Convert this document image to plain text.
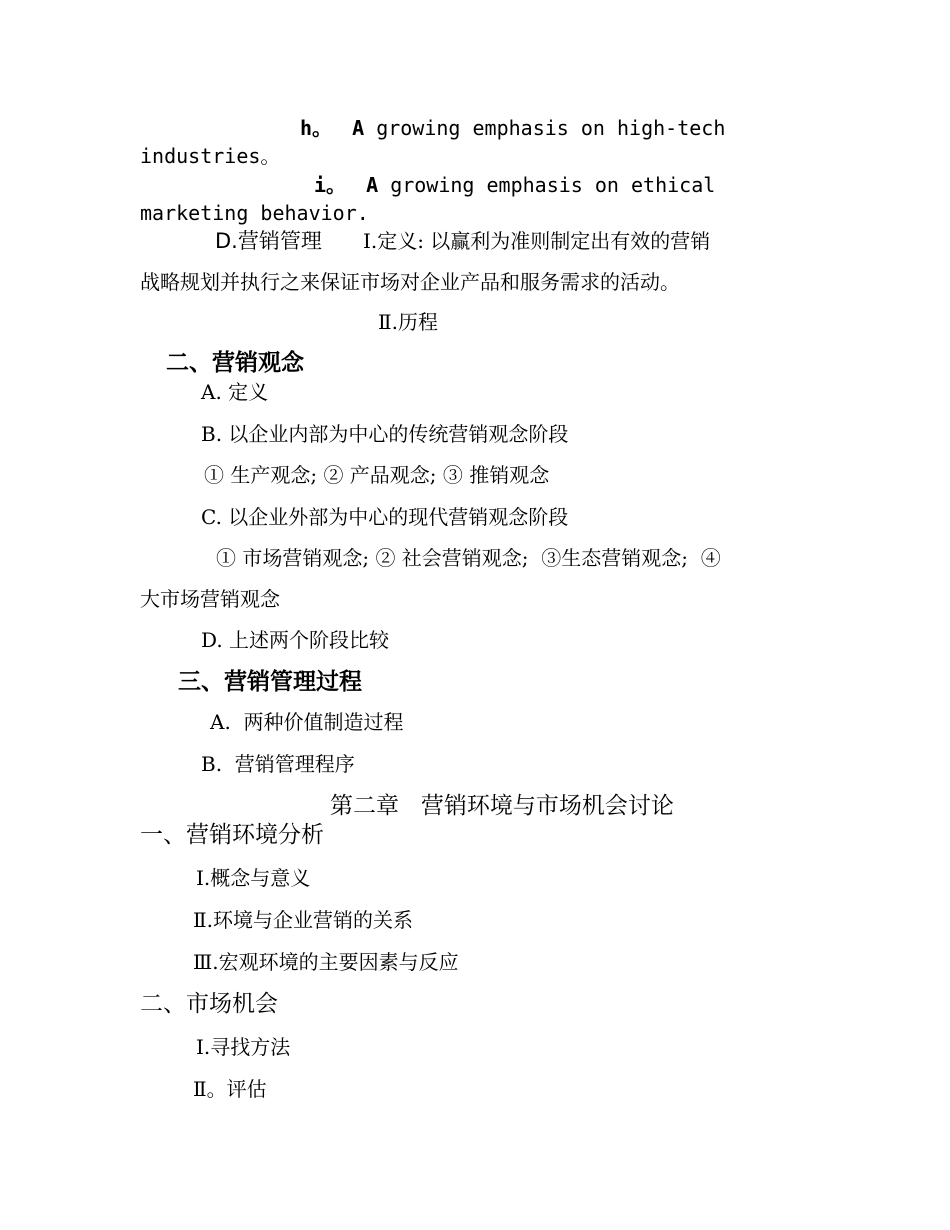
h。 A growing emphasis on high-tech
industries。
i。 A growing emphasis on ethical
marketing behavior.
D.营销管理 Ⅰ.定义: 以赢利为准则制定出有效的营销
战略规划并执行之来保证市场对企业产品和服务需求的活动。
Ⅱ.历程
二、营销观念
A. 定义
B. 以企业内部为中心的传统营销观念阶段
① 生产观念; ② 产品观念; ③ 推销观念
C. 以企业外部为中心的现代营销观念阶段
① 市场营销观念; ② 社会营销观念;  ③生态营销观念;  ④
大市场营销观念
D. 上述两个阶段比较
三、营销管理过程
A.  两种价值制造过程
B.  营销管理程序
第二章   营销环境与市场机会讨论
一、营销环境分析
Ⅰ.概念与意义
Ⅱ.环境与企业营销的关系
Ⅲ.宏观环境的主要因素与反应
二、市场机会
Ⅰ.寻找方法
Ⅱ。评估
